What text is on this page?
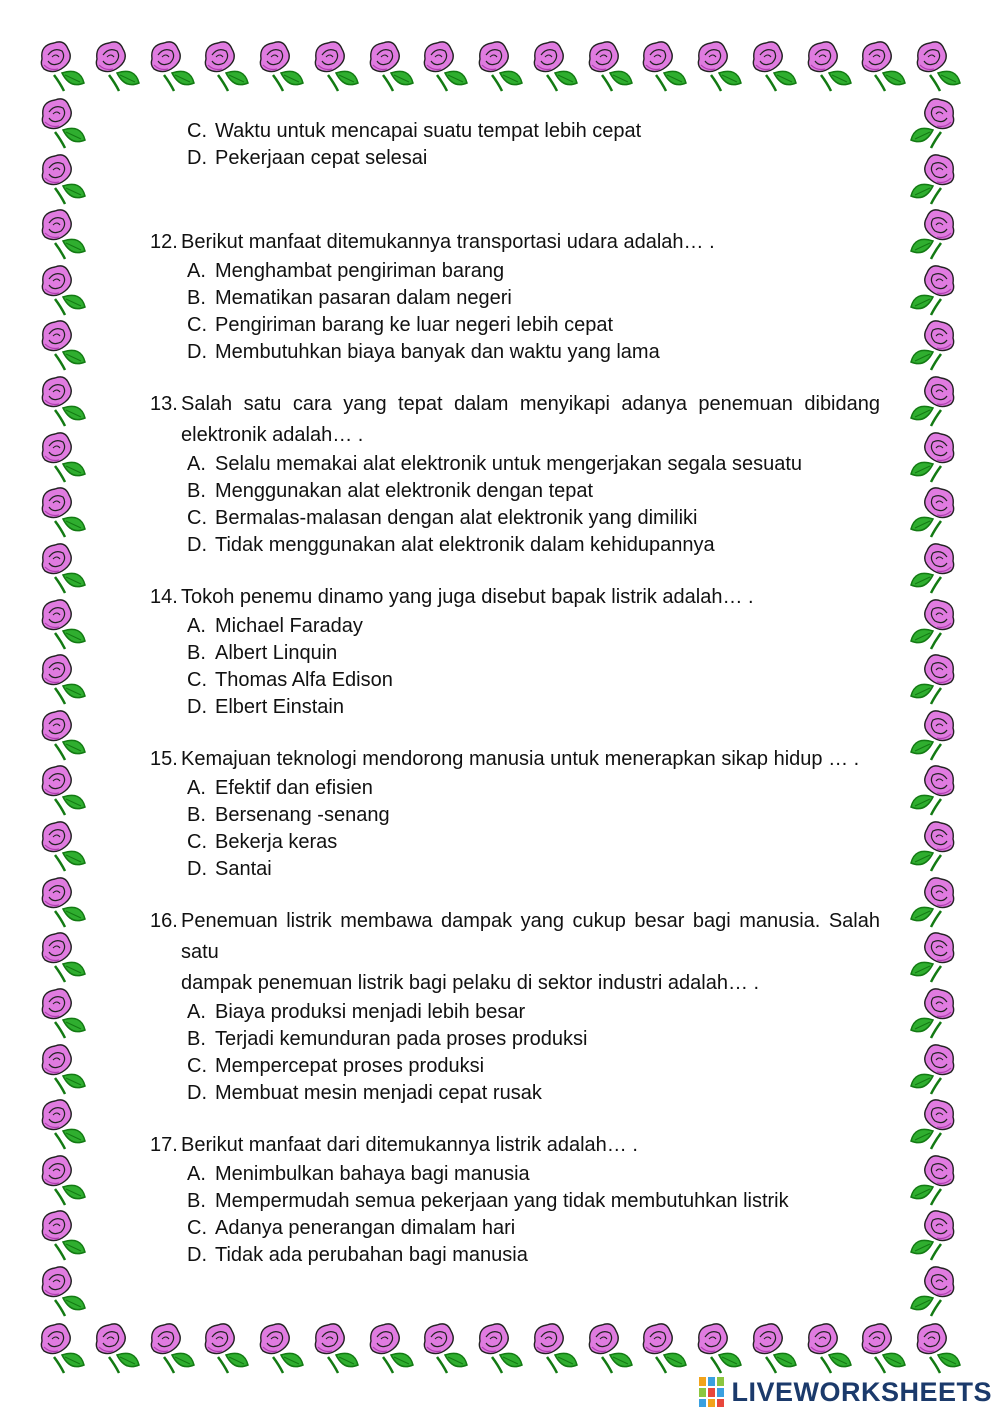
C. Waktu untuk mencapai suatu tempat lebih cepat
D. Pekerjaan cepat selesai
12. Berikut manfaat ditemukannya transportasi udara adalah… .
A. Menghambat pengiriman barang
B. Mematikan pasaran dalam negeri
C. Pengiriman barang ke luar negeri lebih cepat
D. Membutuhkan biaya banyak dan waktu yang lama
13. Salah satu cara yang tepat dalam menyikapi adanya penemuan dibidang
elektronik adalah… .
A. Selalu memakai alat elektronik untuk mengerjakan segala sesuatu
B. Menggunakan alat elektronik dengan tepat
C. Bermalas-malasan dengan alat elektronik yang dimiliki
D. Tidak menggunakan alat elektronik dalam kehidupannya
14. Tokoh penemu dinamo yang juga disebut bapak listrik adalah… .
A. Michael Faraday
B. Albert Linquin
C. Thomas Alfa Edison
D. Elbert Einstain
15. Kemajuan teknologi mendorong manusia untuk menerapkan sikap hidup … .
A. Efektif dan efisien
B. Bersenang -senang
C. Bekerja keras
D. Santai
16. Penemuan listrik membawa dampak yang cukup besar bagi manusia. Salah satu
dampak penemuan listrik bagi pelaku di sektor industri adalah… .
A. Biaya produksi menjadi lebih besar
B. Terjadi kemunduran pada proses produksi
C. Mempercepat proses produksi
D. Membuat mesin menjadi cepat rusak
17. Berikut manfaat dari ditemukannya listrik adalah… .
A. Menimbulkan bahaya bagi manusia
B. Mempermudah semua pekerjaan yang tidak membutuhkan listrik
C. Adanya penerangan dimalam hari
D. Tidak ada perubahan bagi manusia
LIVEWORKSHEETS
